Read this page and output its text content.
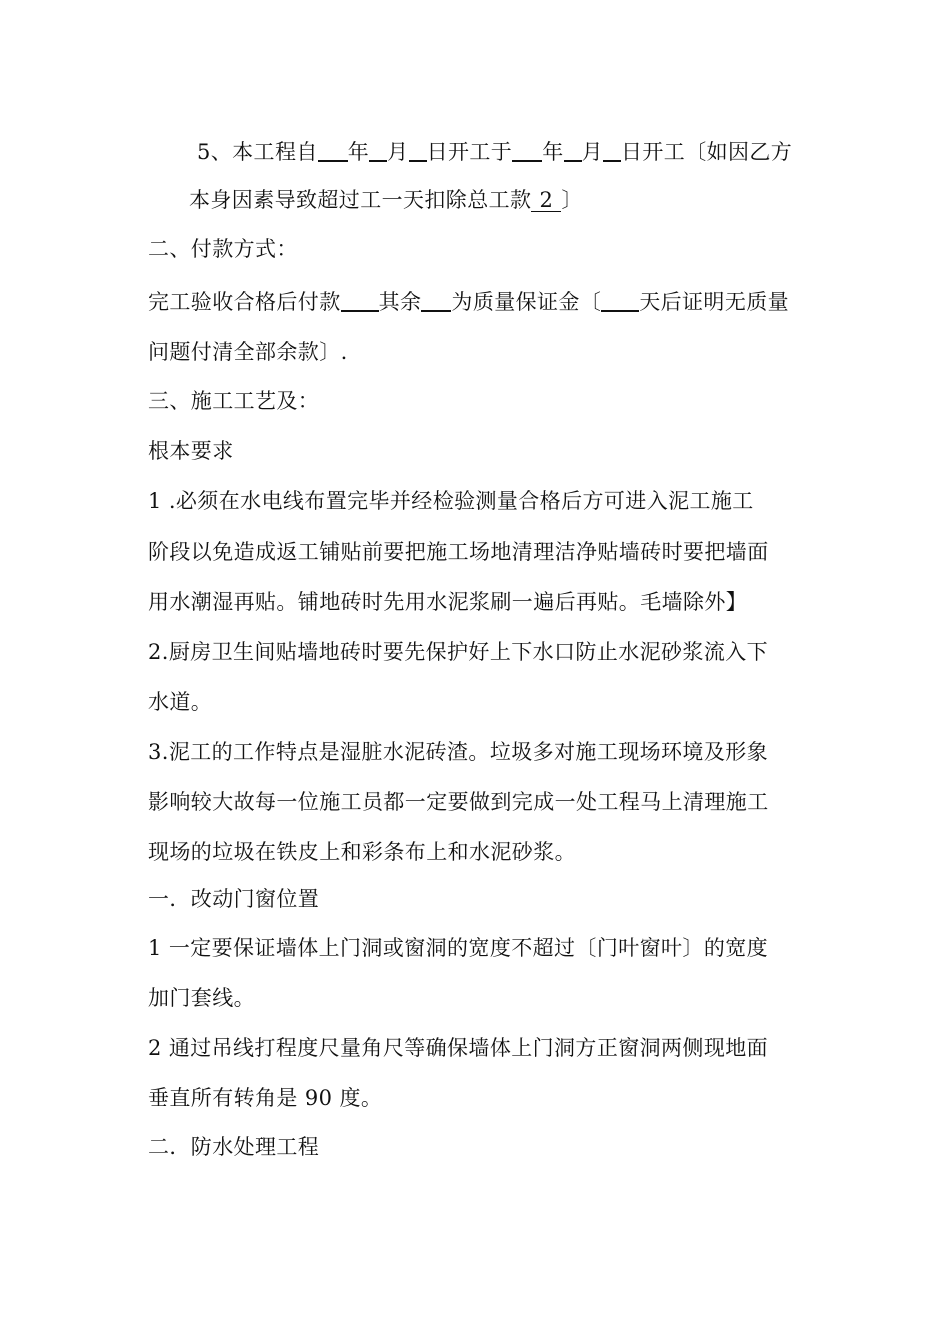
5、本工程自 年 月 日开工于 年 月 日开工〔如因乙方
本身因素导致超过工一天扣除总工款 2 〕
二、付款方式：
完工验收合格后付款 其余 为质量保证金〔 天后证明无质量
问题付清全部余款〕.
三、施工工艺及：
根本要求
1 .必须在水电线布置完毕并经检验测量合格后方可进入泥工施工
阶段以免造成返工铺贴前要把施工场地清理洁净贴墙砖时要把墙面
用水潮湿再贴。铺地砖时先用水泥浆刷一遍后再贴。毛墙除外】
2.厨房卫生间贴墙地砖时要先保护好上下水口防止水泥砂浆流入下
水道。
3.泥工的工作特点是湿脏水泥砖渣。垃圾多对施工现场环境及形象
影响较大故每一位施工员都一定要做到完成一处工程马上清理施工
现场的垃圾在铁皮上和彩条布上和水泥砂浆。
一．改动门窗位置
1 一定要保证墙体上门洞或窗洞的宽度不超过〔门叶窗叶〕的宽度
加门套线。
2 通过吊线打程度尺量角尺等确保墙体上门洞方正窗洞两侧现地面
垂直所有转角是 90 度。
二．防水处理工程
